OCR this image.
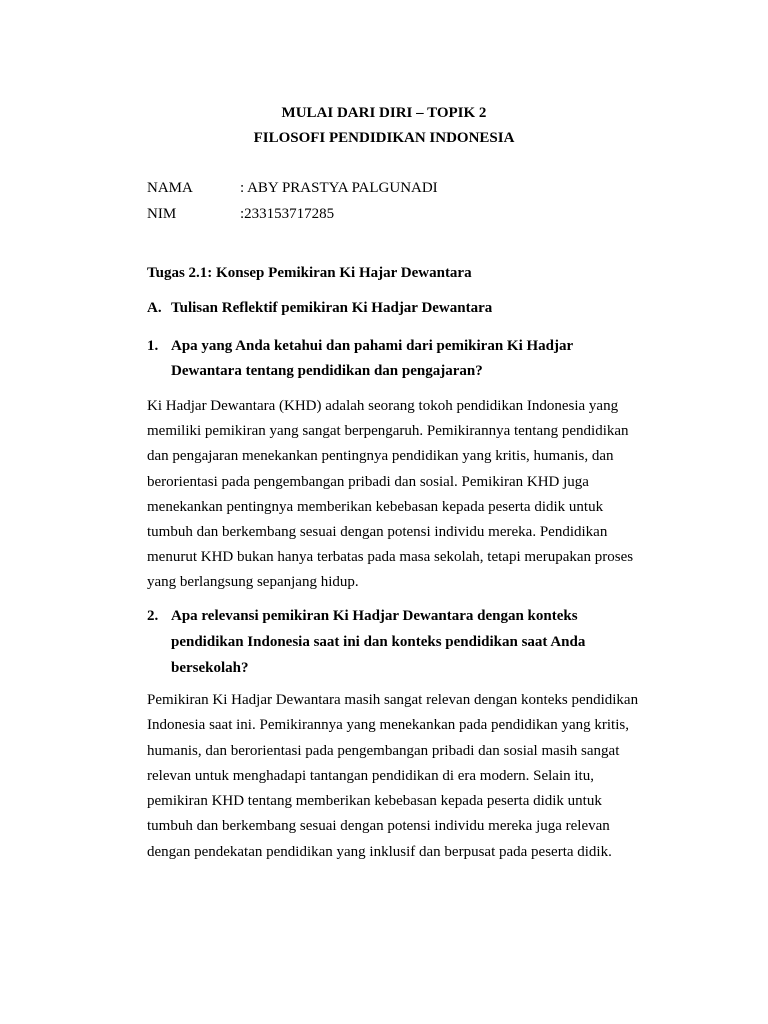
MULAI DARI DIRI – TOPIK 2
FILOSOFI PENDIDIKAN INDONESIA
NAMA	: ABY PRASTYA PALGUNADI
NIM	:233153717285
Tugas 2.1: Konsep Pemikiran Ki Hajar Dewantara
A. Tulisan Reflektif pemikiran Ki Hadjar Dewantara
1. Apa yang Anda ketahui dan pahami dari pemikiran Ki Hadjar Dewantara tentang pendidikan dan pengajaran?
Ki Hadjar Dewantara (KHD) adalah seorang tokoh pendidikan Indonesia yang memiliki pemikiran yang sangat berpengaruh. Pemikirannya tentang pendidikan dan pengajaran menekankan pentingnya pendidikan yang kritis, humanis, dan berorientasi pada pengembangan pribadi dan sosial. Pemikiran KHD juga menekankan pentingnya memberikan kebebasan kepada peserta didik untuk tumbuh dan berkembang sesuai dengan potensi individu mereka. Pendidikan menurut KHD bukan hanya terbatas pada masa sekolah, tetapi merupakan proses yang berlangsung sepanjang hidup.
2. Apa relevansi pemikiran Ki Hadjar Dewantara dengan konteks pendidikan Indonesia saat ini dan konteks pendidikan saat Anda bersekolah?
Pemikiran Ki Hadjar Dewantara masih sangat relevan dengan konteks pendidikan Indonesia saat ini. Pemikirannya yang menekankan pada pendidikan yang kritis, humanis, dan berorientasi pada pengembangan pribadi dan sosial masih sangat relevan untuk menghadapi tantangan pendidikan di era modern. Selain itu, pemikiran KHD tentang memberikan kebebasan kepada peserta didik untuk tumbuh dan berkembang sesuai dengan potensi individu mereka juga relevan dengan pendekatan pendidikan yang inklusif dan berpusat pada peserta didik.
